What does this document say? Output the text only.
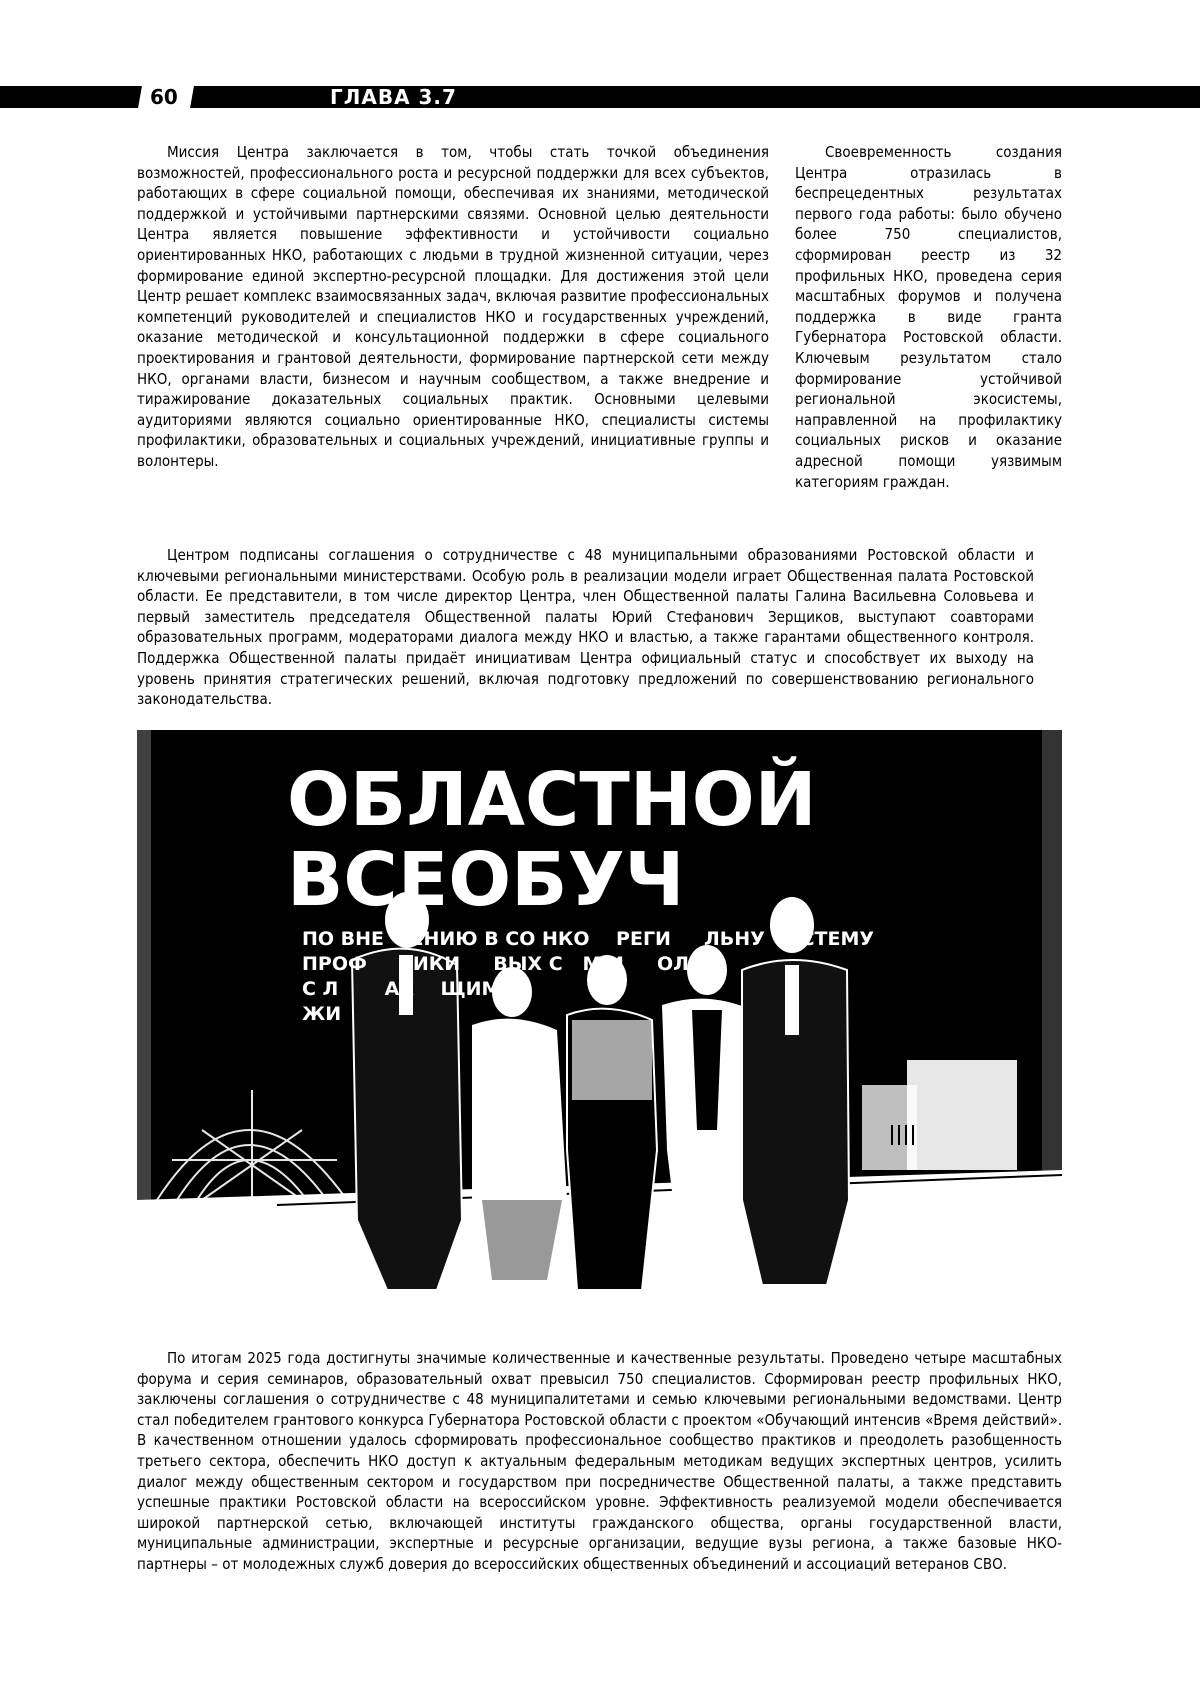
60	ГЛАВА 3.7

Миссия Центра заключается в том, чтобы стать точкой объединения возможностей, профессионального роста и ресурсной поддержки для всех субъектов, работающих в сфере социальной помощи, обеспечивая их знаниями, методической поддержкой и устойчивыми партнерскими связями. Основной целью деятельности Центра является повышение эффективности и устойчивости социально ориентированных НКО, работающих с людьми в трудной жизненной ситуации, через формирование единой экспертно-ресурсной площадки. Для достижения этой цели Центр решает комплекс взаимосвязанных задач, включая развитие профессиональных компетенций руководителей и специалистов НКО и государственных учреждений, оказание методической и консультационной поддержки в сфере социального проектирования и грантовой деятельности, формирование партнерской сети между НКО, органами власти, бизнесом и научным сообществом, а также внедрение и тиражирование доказательных социальных практик. Основными целевыми аудиториями являются социально ориентированные НКО, специалисты системы профилактики, образовательных и социальных учреждений, инициативные группы и волонтеры.

Своевременность создания Центра отразилась в беспрецедентных результатах первого года работы: было обучено более 750 специалистов, сформирован реестр из 32 профильных НКО, проведена серия масштабных форумов и получена поддержка в виде гранта Губернатора Ростовской области. Ключевым результатом стало формирование устойчивой региональной экосистемы, направленной на профилактику социальных рисков и оказание адресной помощи уязвимым категориям граждан.

Центром подписаны соглашения о сотрудничестве с 48 муниципальными образованиями Ростовской области и ключевыми региональными министерствами. Особую роль в реализации модели играет Общественная палата Ростовской области. Ее представители, в том числе директор Центра, член Общественной палаты Галина Васильевна Соловьева и первый заместитель председателя Общественной палаты Юрий Стефанович Зерщиков, выступают соавторами образовательных программ, модераторами диалога между НКО и властью, а также гарантами общественного контроля. Поддержка Общественной палаты придаёт инициативам Центра официальный статус и способствует их выходу на уровень принятия стратегических решений, включая подготовку предложений по совершенствованию регионального законодательства.

ОБЛАСТНОЙ
ВСЕОБУЧ
ПО ВНЕ    ЕНИЮ В СО НКО    РЕГИ     ЛЬНУ   ИСТЕМУ
ПРОФ     ТИКИ     ВЫХ С   М И     ОЛ
С Л       АХ    ЩИМ
ЖИ

По итогам 2025 года достигнуты значимые количественные и качественные результаты. Проведено четыре масштабных форума и серия семинаров, образовательный охват превысил 750 специалистов. Сформирован реестр профильных НКО, заключены соглашения о сотрудничестве с 48 муниципалитетами и семью ключевыми региональными ведомствами. Центр стал победителем грантового конкурса Губернатора Ростовской области с проектом «Обучающий интенсив «Время действий». В качественном отношении удалось сформировать профессиональное сообщество практиков и преодолеть разобщенность третьего сектора, обеспечить НКО доступ к актуальным федеральным методикам ведущих экспертных центров, усилить диалог между общественным сектором и государством при посредничестве Общественной палаты, а также представить успешные практики Ростовской области на всероссийском уровне. Эффективность реализуемой модели обеспечивается широкой партнерской сетью, включающей институты гражданского общества, органы государственной власти, муниципальные администрации, экспертные и ресурсные организации, ведущие вузы региона, а также базовые НКО-партнеры – от молодежных служб доверия до всероссийских общественных объединений и ассоциаций ветеранов СВО.
